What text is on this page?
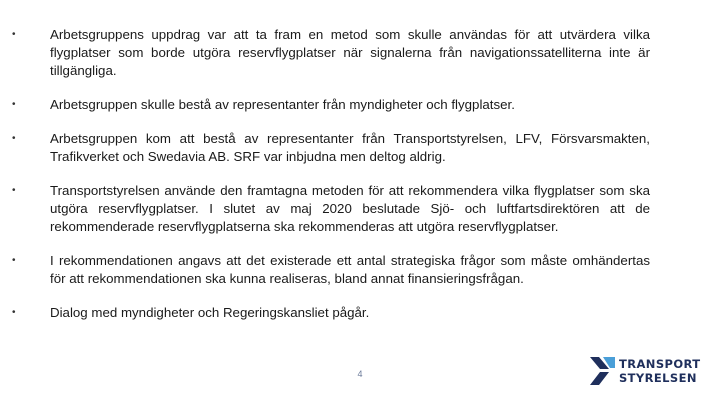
•	Arbetsgruppens uppdrag var att ta fram en metod som skulle användas för att utvärdera vilka flygplatser som borde utgöra reservflygplatser när signalerna från navigationssatelliterna inte är tillgängliga.
•	Arbetsgruppen skulle bestå av representanter från myndigheter och flygplatser.
•	Arbetsgruppen kom att bestå av representanter från Transportstyrelsen, LFV, Försvarsmakten, Trafikverket och Swedavia AB. SRF var inbjudna men deltog aldrig.
•	Transportstyrelsen använde den framtagna metoden för att rekommendera vilka flygplatser som ska utgöra reservflygplatser. I slutet av maj 2020 beslutade Sjö- och luftfartsdirektören att de rekommenderade reservflygplatserna ska rekommenderas att utgöra reservflygplatser.
•	I rekommendationen angavs att det existerade ett antal strategiska frågor som måste omhändertas för att rekommendationen ska kunna realiseras, bland annat finansieringsfrågan.
•	Dialog med myndigheter och Regeringskansliet pågår.
4
TRANSPORT
STYRELSEN
